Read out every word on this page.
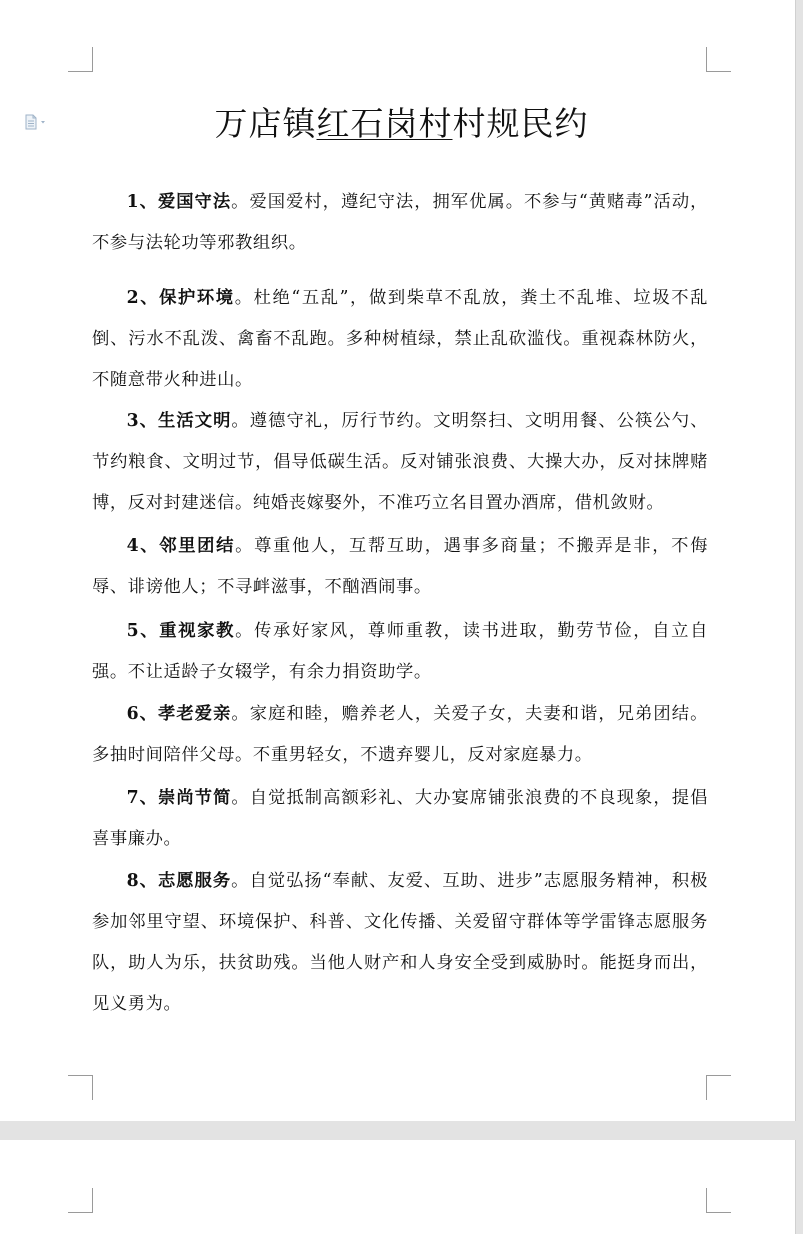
万店镇红石岗村村规民约
1、爱国守法。爱国爱村，遵纪守法，拥军优属。不参与“黄赌毒”活动，不参与法轮功等邪教组织。
2、保护环境。杜绝“五乱”，做到柴草不乱放，粪土不乱堆、垃圾不乱倒、污水不乱泼、禽畜不乱跑。多种树植绿，禁止乱砍滥伐。重视森林防火，不随意带火种进山。
3、生活文明。遵德守礼，厉行节约。文明祭扫、文明用餐、公筷公勺、节约粮食、文明过节，倡导低碳生活。反对铺张浪费、大操大办，反对抹牌赌博，反对封建迷信。纯婚丧嫁娶外，不准巧立名目置办酒席，借机敛财。
4、邻里团结。尊重他人，互帮互助，遇事多商量；不搬弄是非，不侮辱、诽谤他人；不寻衅滋事，不酗酒闹事。
5、重视家教。传承好家风，尊师重教，读书进取，勤劳节俭，自立自强。不让适龄子女辍学，有余力捐资助学。
6、孝老爱亲。家庭和睦，赡养老人，关爱子女，夫妻和谐，兄弟团结。多抽时间陪伴父母。不重男轻女，不遗弃婴儿，反对家庭暴力。
7、崇尚节简。自觉抵制高额彩礼、大办宴席铺张浪费的不良现象，提倡喜事廉办。
8、志愿服务。自觉弘扬“奉献、友爱、互助、进步”志愿服务精神，积极参加邻里守望、环境保护、科普、文化传播、关爱留守群体等学雷锋志愿服务队，助人为乐，扶贫助残。当他人财产和人身安全受到威胁时。能挺身而出，见义勇为。
